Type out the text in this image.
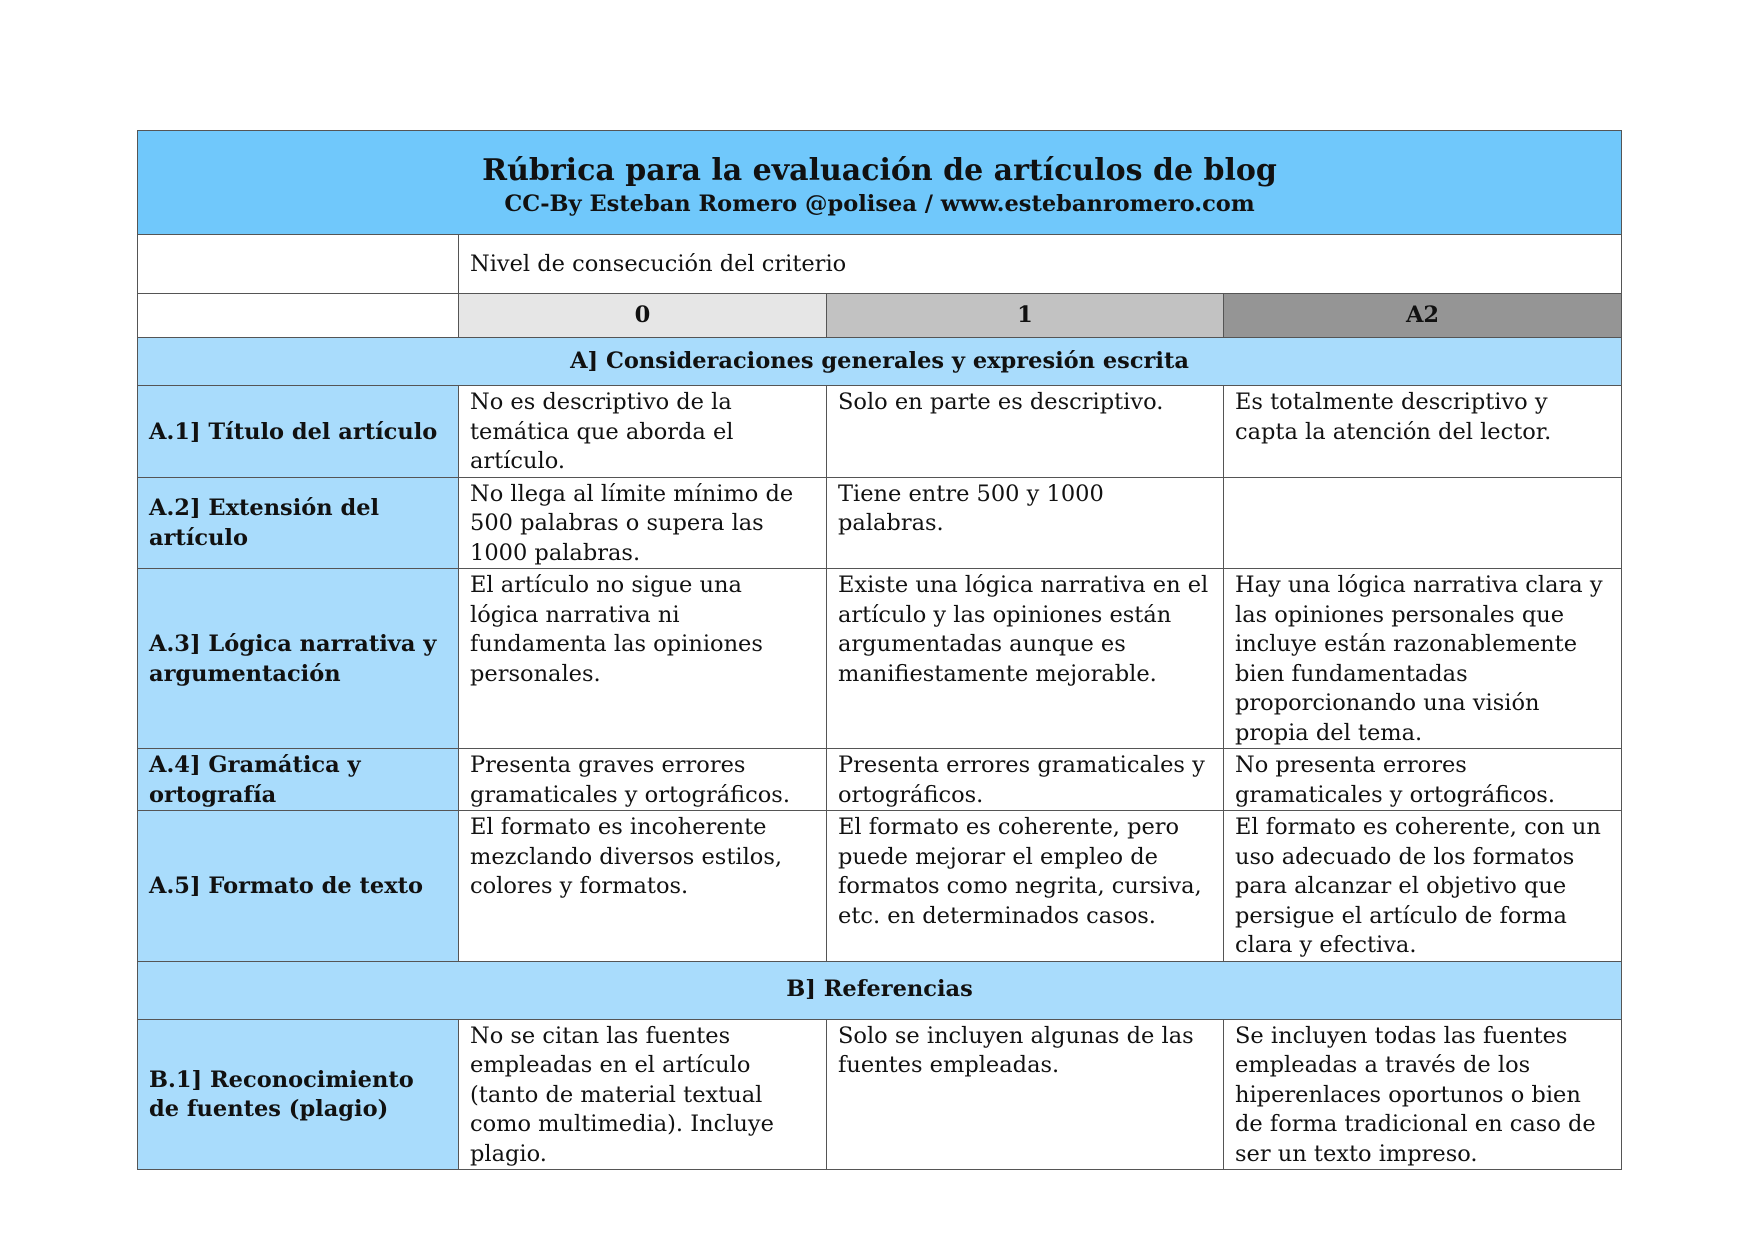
Rúbrica para la evaluación de artículos de blog
CC-By Esteban Romero @polisea / www.estebanromero.com			

	Nivel de consecución del criterio		
	0	1	A2
A] Consideraciones generales y expresión escrita			
A.1] Título del artículo	No es descriptivo de la temática que aborda el artículo.	Solo en parte es descriptivo.	Es totalmente descriptivo y capta la atención del lector.
A.2] Extensión del artículo	No llega al límite mínimo de 500 palabras o supera las 1000 palabras.	Tiene entre 500 y 1000 palabras.	
A.3] Lógica narrativa y argumentación	El artículo no sigue una lógica narrativa ni fundamenta las opiniones personales.	Existe una lógica narrativa en el artículo y las opiniones están argumentadas aunque es manifiestamente mejorable.	Hay una lógica narrativa clara y las opiniones personales que incluye están razonablemente bien fundamentadas proporcionando una visión propia del tema.
A.4] Gramática y ortografía	Presenta graves errores gramaticales y ortográficos.	Presenta errores gramaticales y ortográficos.	No presenta errores gramaticales y ortográficos.
A.5] Formato de texto	El formato es incoherente mezclando diversos estilos, colores y formatos.	El formato es coherente, pero puede mejorar el empleo de formatos como negrita, cursiva, etc. en determinados casos.	El formato es coherente, con un uso adecuado de los formatos para alcanzar el objetivo que persigue el artículo de forma clara y efectiva.
B] Referencias			
B.1] Reconocimiento de fuentes (plagio)	No se citan las fuentes empleadas en el artículo (tanto de material textual como multimedia). Incluye plagio.	Solo se incluyen algunas de las fuentes empleadas.	Se incluyen todas las fuentes empleadas a través de los hiperenlaces oportunos o bien de forma tradicional en caso de ser un texto impreso.
